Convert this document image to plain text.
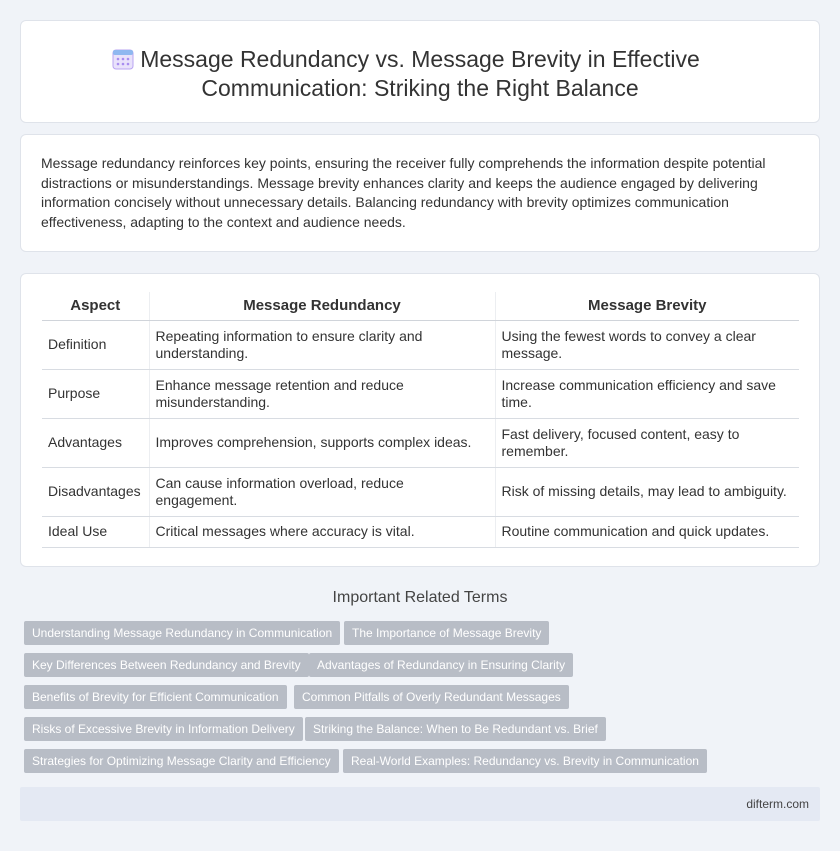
Message Redundancy vs. Message Brevity in Effective
Communication: Striking the Right Balance

Message redundancy reinforces key points, ensuring the receiver fully comprehends the information despite potential distractions or misunderstandings. Message brevity enhances clarity and keeps the audience engaged by delivering information concisely without unnecessary details. Balancing redundancy with brevity optimizes communication effectiveness, adapting to the context and audience needs.

Aspect	Message Redundancy	Message Brevity
Definition	Repeating information to ensure clarity and understanding.	Using the fewest words to convey a clear message.
Purpose	Enhance message retention and reduce misunderstanding.	Increase communication efficiency and save time.
Advantages	Improves comprehension, supports complex ideas.	Fast delivery, focused content, easy to remember.
Disadvantages	Can cause information overload, reduce engagement.	Risk of missing details, may lead to ambiguity.
Ideal Use	Critical messages where accuracy is vital.	Routine communication and quick updates.
Important Related Terms
Understanding Message Redundancy in Communication	The Importance of Message Brevity
Key Differences Between Redundancy and Brevity	Advantages of Redundancy in Ensuring Clarity
Benefits of Brevity for Efficient Communication	Common Pitfalls of Overly Redundant Messages
Risks of Excessive Brevity in Information Delivery	Striking the Balance: When to Be Redundant vs. Brief
Strategies for Optimizing Message Clarity and Efficiency	Real-World Examples: Redundancy vs. Brevity in Communication
difterm.com
